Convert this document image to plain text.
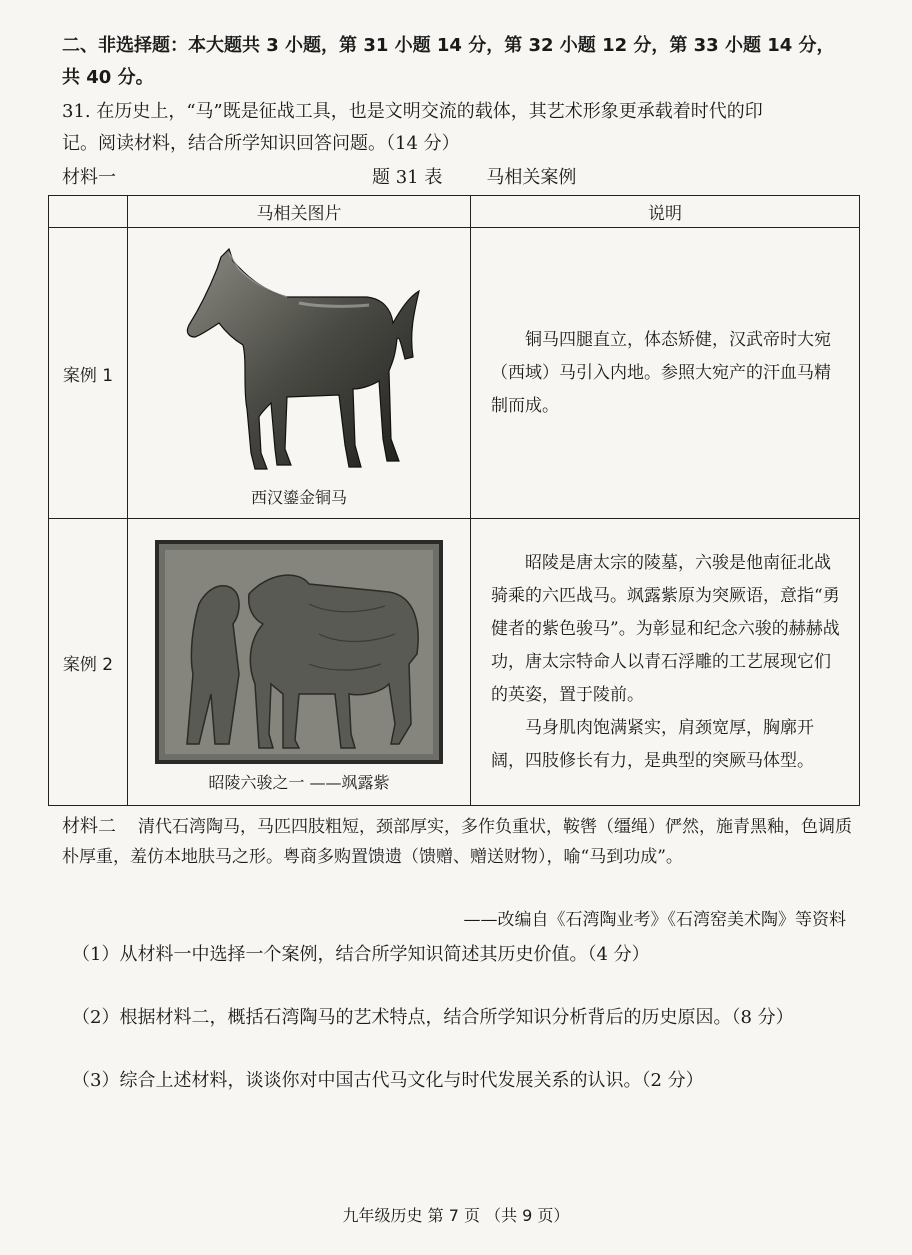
二、非选择题：本大题共 3 小题，第 31 小题 14 分，第 32 小题 12 分，第 33 小题 14 分，
共 40 分。
31. 在历史上，“马”既是征战工具，也是文明交流的载体，其艺术形象更承载着时代的印
记。阅读材料，结合所学知识回答问题。（14 分）
材料一	题 31 表 马相关案例
	马相关图片	说明
案例 1	西汉鎏金铜马	铜马四腿直立，体态矫健，汉武帝时大宛（西域）马引入内地。参照大宛产的汗血马精制而成。

案例 2	昭陵六骏之一 ——飒露紫	昭陵是唐太宗的陵墓，六骏是他南征北战骑乘的六匹战马。飒露紫原为突厥语，意指“勇健者的紫色骏马”。为彰显和纪念六骏的赫赫战功，唐太宗特命人以青石浮雕的工艺展现它们的英姿，置于陵前。

马身肌肉饱满紧实，肩颈宽厚，胸廓开阔，四肢修长有力，是典型的突厥马体型。

材料二 清代石湾陶马，马匹四肢粗短，颈部厚实，多作负重状，鞍辔（缰绳）俨然，施青黑釉，色调质朴厚重，羞仿本地肤马之形。粤商多购置馈遗（馈赠、赠送财物），喻“马到功成”。
——改编自《石湾陶业考》《石湾窑美术陶》等资料
（1）从材料一中选择一个案例，结合所学知识简述其历史价值。（4 分）
（2）根据材料二，概括石湾陶马的艺术特点，结合所学知识分析背后的历史原因。（8 分）
（3）综合上述材料，谈谈你对中国古代马文化与时代发展关系的认识。（2 分）
九年级历史 第 7 页 （共 9 页）
